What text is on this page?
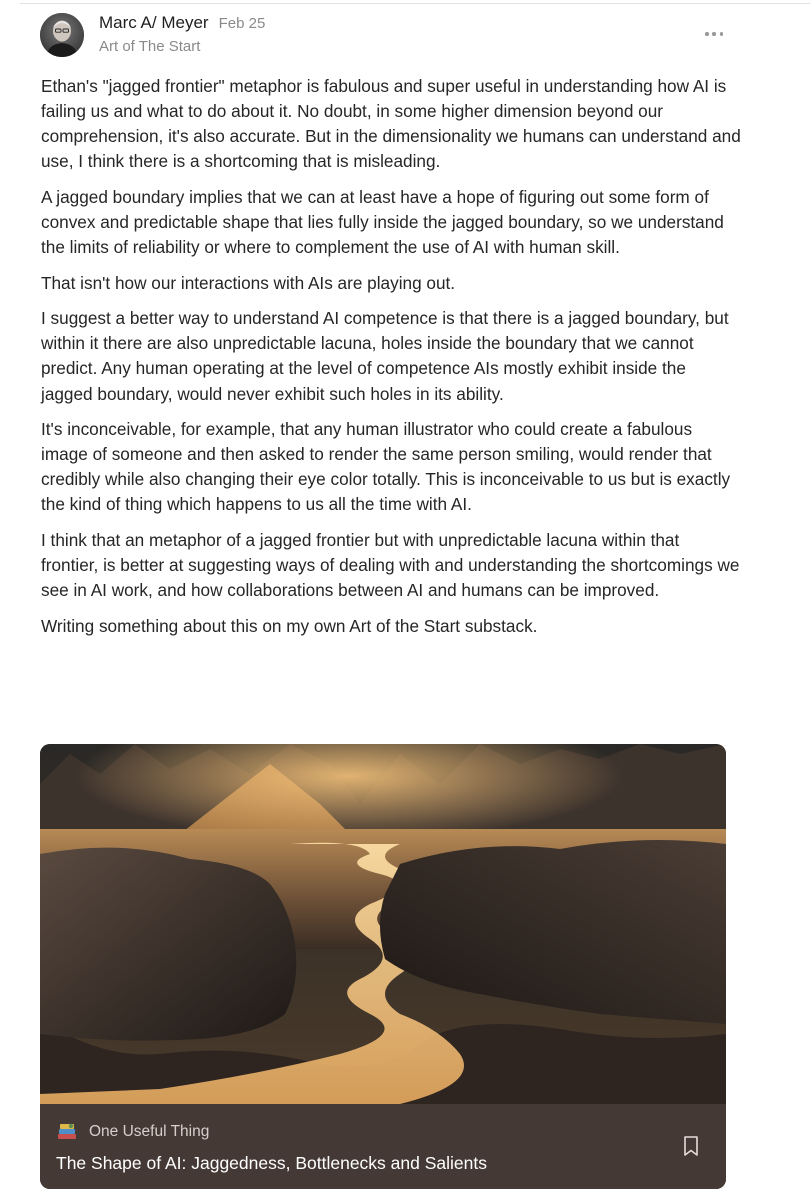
Marc A/ Meyer Feb 25
Art of The Start

Ethan's "jagged frontier" metaphor is fabulous and super useful in understanding how AI is failing us and what to do about it. No doubt, in some higher dimension beyond our comprehension, it's also accurate. But in the dimensionality we humans can understand and use, I think there is a shortcoming that is misleading.

A jagged boundary implies that we can at least have a hope of figuring out some form of convex and predictable shape that lies fully inside the jagged boundary, so we understand the limits of reliability or where to complement the use of AI with human skill.

That isn't how our interactions with AIs are playing out.

I suggest a better way to understand AI competence is that there is a jagged boundary, but within it there are also unpredictable lacuna, holes inside the boundary that we cannot predict. Any human operating at the level of competence AIs mostly exhibit inside the jagged boundary, would never exhibit such holes in its ability.

It's inconceivable, for example, that any human illustrator who could create a fabulous image of someone and then asked to render the same person smiling, would render that credibly while also changing their eye color totally. This is inconceivable to us but is exactly the kind of thing which happens to us all the time with AI.

I think that an metaphor of a jagged frontier but with unpredictable lacuna within that frontier, is better at suggesting ways of dealing with and understanding the shortcomings we see in AI work, and how collaborations between AI and humans can be improved.

Writing something about this on my own Art of the Start substack.

One Useful Thing
The Shape of AI: Jaggedness, Bottlenecks and Salients
